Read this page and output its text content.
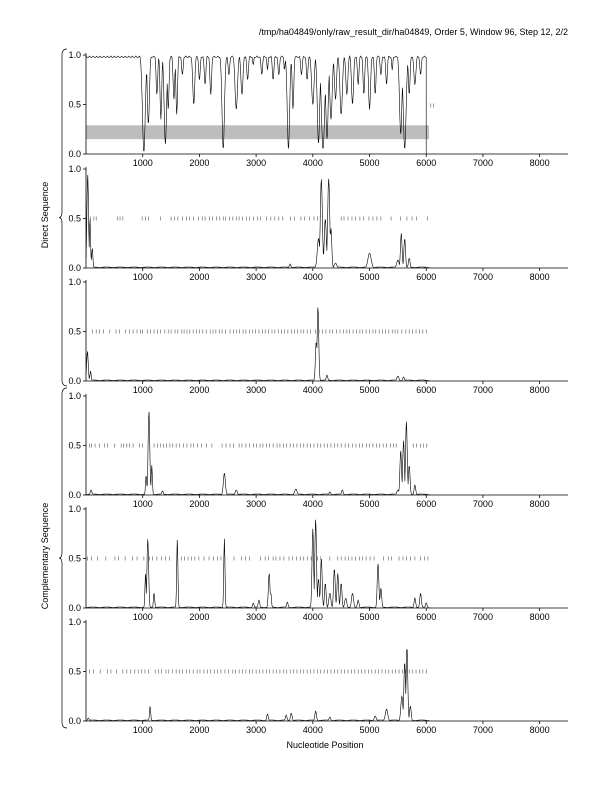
/tmp/ha04849/only/raw_result_dir/ha04849, Order 5, Window 96, Step 12, 2/2
0.0
0.5
1.0
1000	2000	3000	4000	5000	6000	7000	8000
0.0
0.5
1.0
1000	2000	3000	4000	5000	6000	7000	8000
0.0
0.5
1.0
1000	2000	3000	4000	5000	6000	7000	8000
0.0
0.5
1.0
1000	2000	3000	4000	5000	6000	7000	8000
0.0
0.5
1.0
1000	2000	3000	4000	5000	6000	7000	8000
0.0
0.5
1.0
1000	2000	3000	4000	5000	6000	7000	8000
Nucleotide Position
Direct Sequence
Complementary Sequence
